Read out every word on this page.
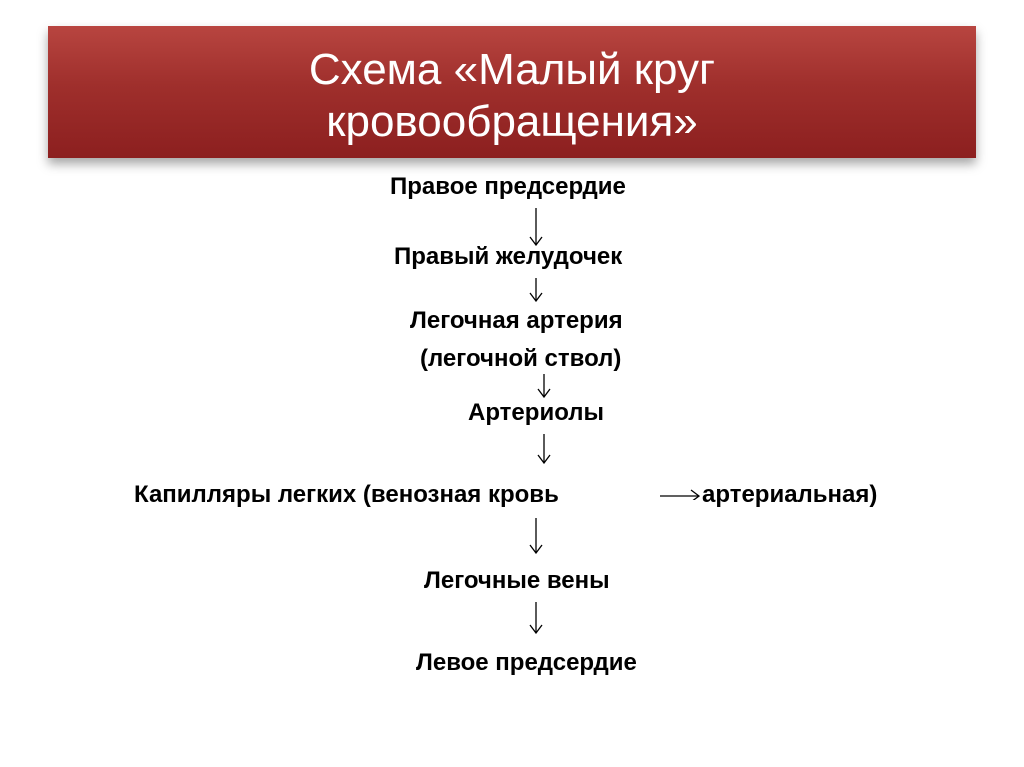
Схема «Малый круг
кровообращения»
Правое предсердие
Правый желудочек
Легочная артерия
(легочной ствол)
Артериолы
Капилляры легких (венозная кровь	артериальная)
Легочные вены
Левое предсердие
